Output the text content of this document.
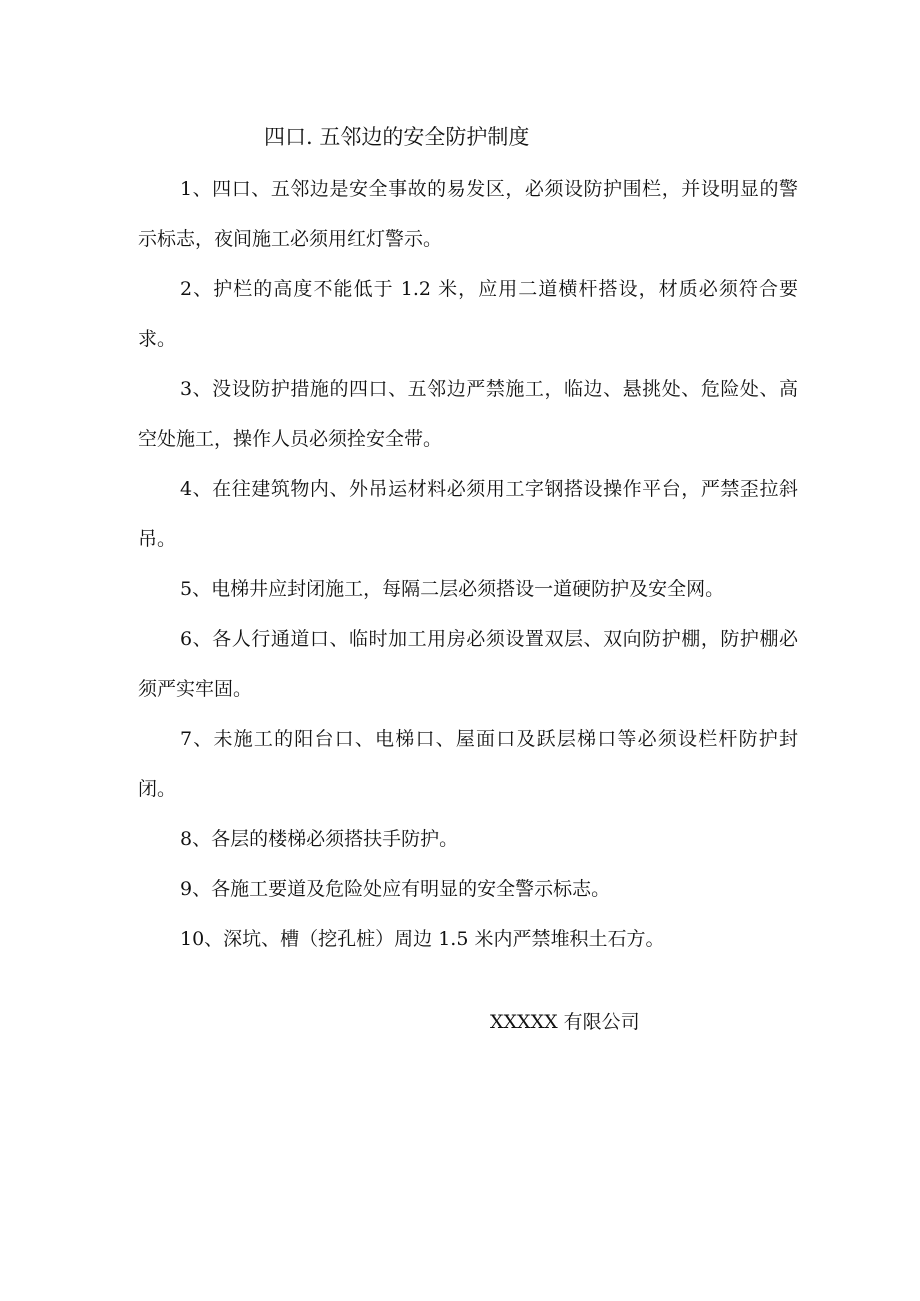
四口. 五邻边的安全防护制度

1、四口、五邻边是安全事故的易发区，必须设防护围栏，并设明显的警示标志，夜间施工必须用红灯警示。

2、护栏的高度不能低于 1.2 米，应用二道横杆搭设，材质必须符合要求。

3、没设防护措施的四口、五邻边严禁施工，临边、悬挑处、危险处、高空处施工，操作人员必须拴安全带。

4、在往建筑物内、外吊运材料必须用工字钢搭设操作平台，严禁歪拉斜吊。

5、电梯井应封闭施工，每隔二层必须搭设一道硬防护及安全网。

6、各人行通道口、临时加工用房必须设置双层、双向防护棚，防护棚必须严实牢固。

7、未施工的阳台口、电梯口、屋面口及跃层梯口等必须设栏杆防护封闭。

8、各层的楼梯必须搭扶手防护。

9、各施工要道及危险处应有明显的安全警示标志。

10、深坑、槽（挖孔桩）周边 1.5 米内严禁堆积土石方。

XXXXX 有限公司
